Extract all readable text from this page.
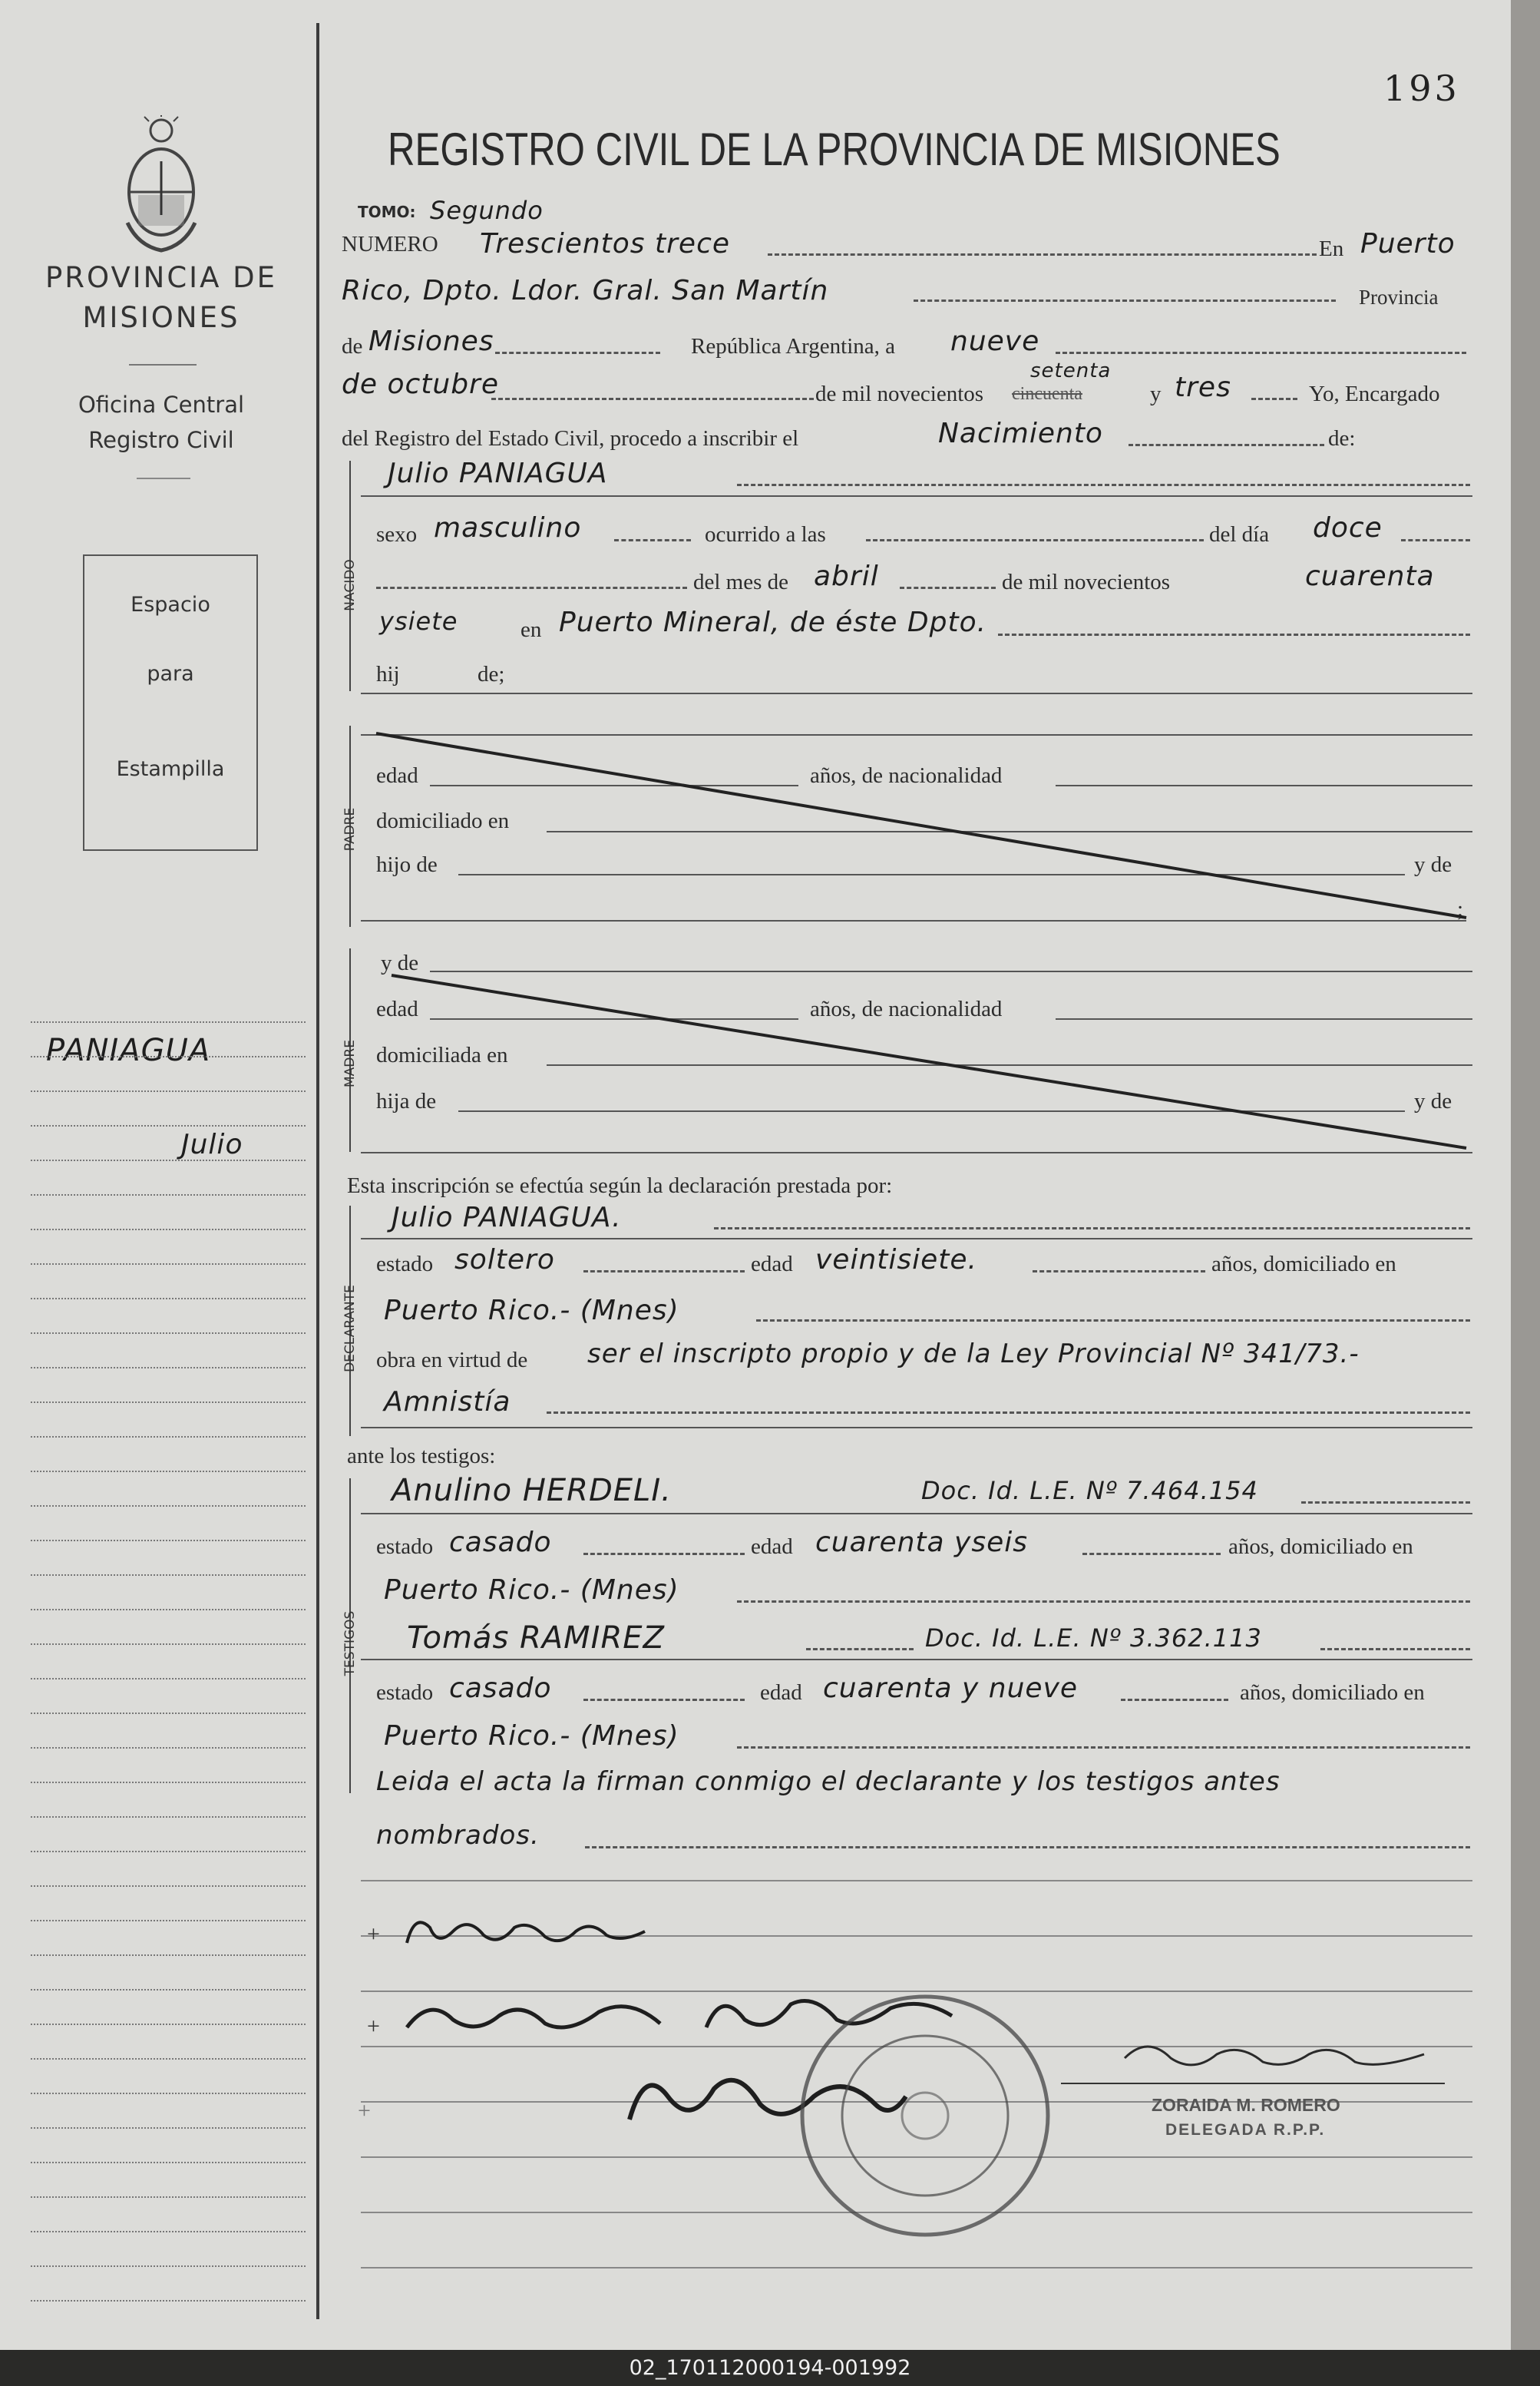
PROVINCIA DE
MISIONES
Oficina Central
Registro Civil
Espacio
para
Estampilla
PANIAGUA
Julio
193
REGISTRO CIVIL DE LA PROVINCIA DE MISIONES
TOMO: Segundo
NUMERO Trescientos trece	En Puerto
Rico, Dpto. Ldor. Gral. San Martín	Provincia
de Misiones	República Argentina, a nueve
de octubre	de mil novecientos
setenta
cincuenta	y tres	Yo, Encargado
del Registro del Estado Civil, procedo a inscribir el	Nacimiento	de:
NACIDO
Julio PANIAGUA
sexo masculino	ocurrido a las	del día doce
del mes de abril	de mil novecientos	cuarenta
ysiete	en Puerto Mineral, de éste Dpto.
hij	de;
PADRE
edad	años, de nacionalidad
domiciliado en
hijo de	y de
;
MADRE
y de
edad	años, de nacionalidad
domiciliada en
hija de	y de
Esta inscripción se efectúa según la declaración prestada por:
DECLARANTE
Julio PANIAGUA.
estado soltero	edad veintisiete.	años, domiciliado en
Puerto Rico.- (Mnes)
obra en virtud de ser el inscripto propio y de la Ley Provincial Nº 341/73.-
Amnistía
ante los testigos:
TESTIGOS
Anulino HERDELI.	Doc. Id. L.E. Nº 7.464.154
estado casado	edad cuarenta yseis	años, domiciliado en
Puerto Rico.- (Mnes)
Tomás RAMIREZ	Doc. Id. L.E. Nº 3.362.113
estado casado	edad cuarenta y nueve	años, domiciliado en
Puerto Rico.- (Mnes)
Leida el acta la firman conmigo el declarante y los testigos antes
nombrados.
+
+
+	ZORAIDA M. ROMERO
DELEGADA R.P.P.
02_170112000194-001992
